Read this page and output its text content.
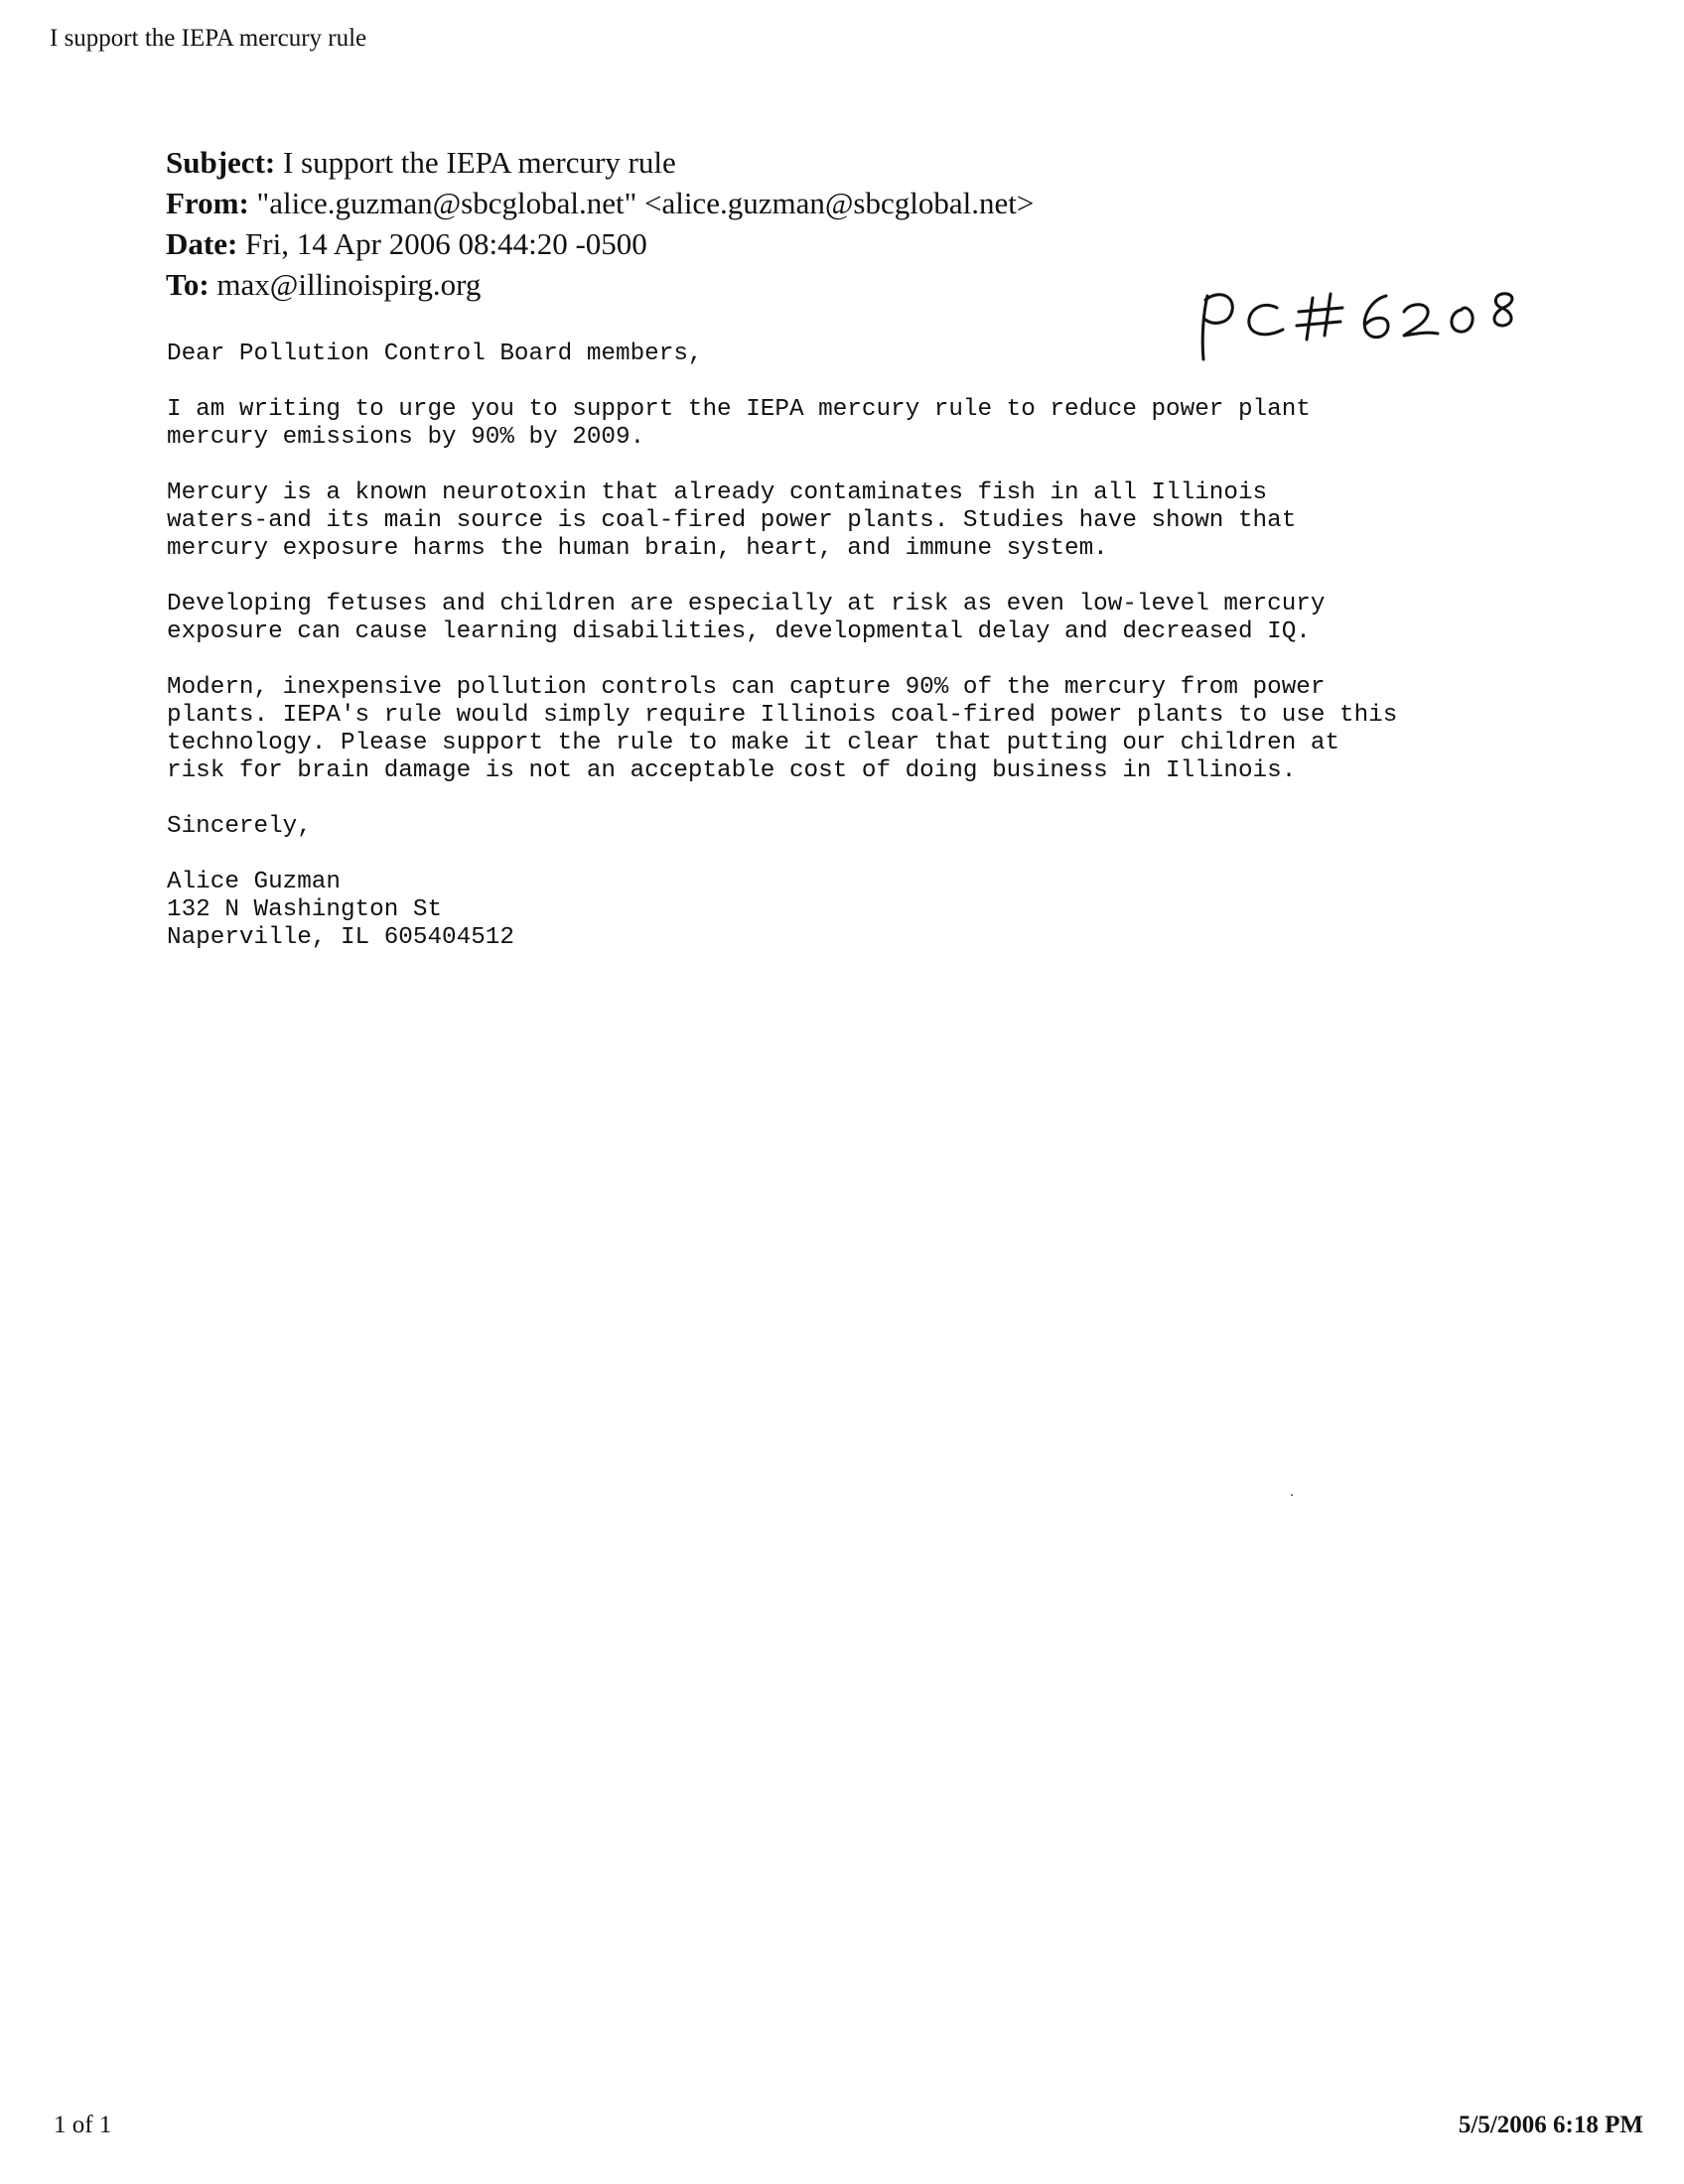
I support the IEPA mercury rule

Subject: I support the IEPA mercury rule

From: "alice.guzman@sbcglobal.net" <alice.guzman@sbcglobal.net>

Date: Fri, 14 Apr 2006 08:44:20 -0500

To: max@illinoispirg.org

Dear Pollution Control Board members,

I am writing to urge you to support the IEPA mercury rule to reduce power plant
mercury emissions by 90% by 2009.

Mercury is a known neurotoxin that already contaminates fish in all Illinois
waters-and its main source is coal-fired power plants. Studies have shown that
mercury exposure harms the human brain, heart, and immune system.

Developing fetuses and children are especially at risk as even low-level mercury
exposure can cause learning disabilities, developmental delay and decreased IQ.

Modern, inexpensive pollution controls can capture 90% of the mercury from power
plants. IEPA's rule would simply require Illinois coal-fired power plants to use this
technology. Please support the rule to make it clear that putting our children at
risk for brain damage is not an acceptable cost of doing business in Illinois.

Sincerely,

Alice Guzman

132 N Washington St

Naperville, IL 605404512

1 of 1	5/5/2006 6:18 PM
